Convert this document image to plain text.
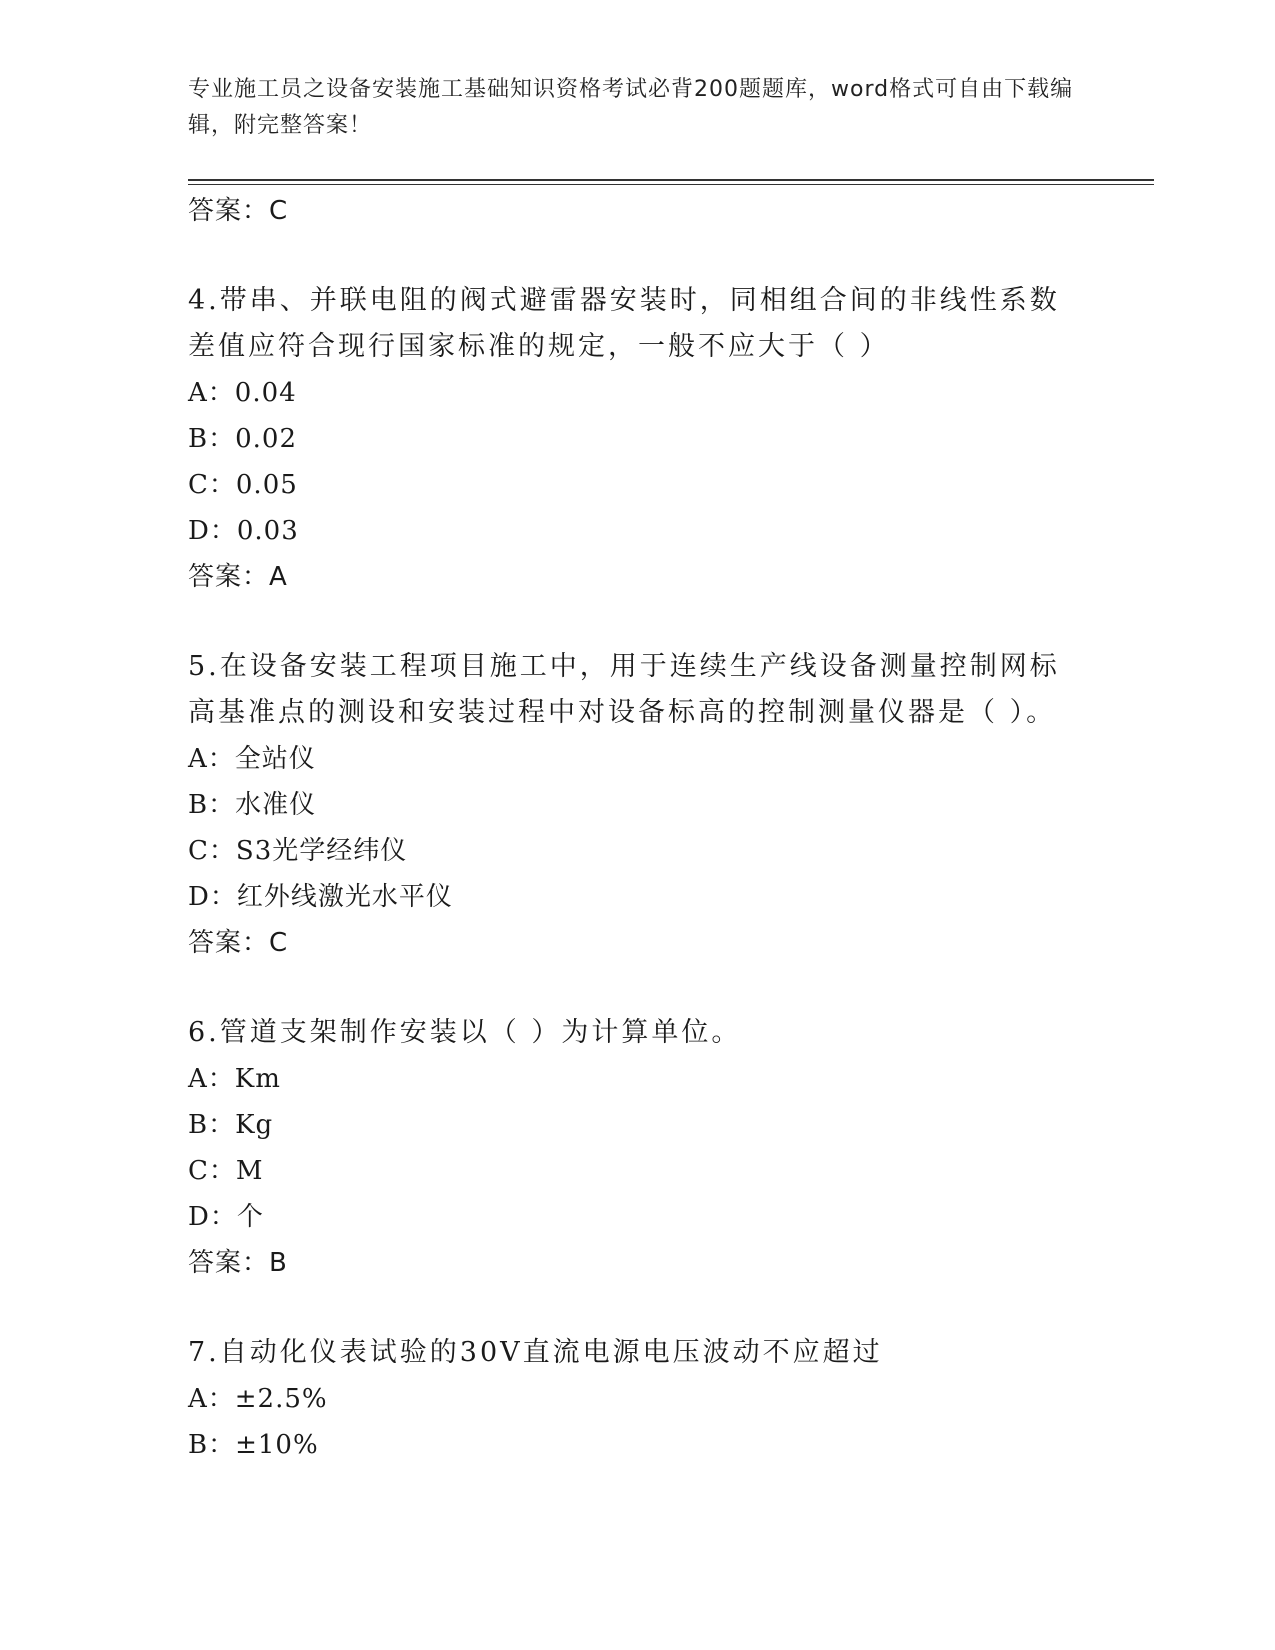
专业施工员之设备安装施工基础知识资格考试必背200题题库，word格式可自由下载编辑，附完整答案！
答案：C
4.带串、并联电阻的阀式避雷器安装时，同相组合间的非线性系数差值应符合现行国家标准的规定，一般不应大于（ ）
A：0.04
B：0.02
C：0.05
D：0.03
答案：A
5.在设备安装工程项目施工中，用于连续生产线设备测量控制网标高基准点的测设和安装过程中对设备标高的控制测量仪器是（ ）。
A：全站仪
B：水准仪
C：S3光学经纬仪
D：红外线激光水平仪
答案：C
6.管道支架制作安装以（ ）为计算单位。
A：Km
B：Kg
C：M
D：个
答案：B
7.自动化仪表试验的30V直流电源电压波动不应超过
A：±2.5%
B：±10%
